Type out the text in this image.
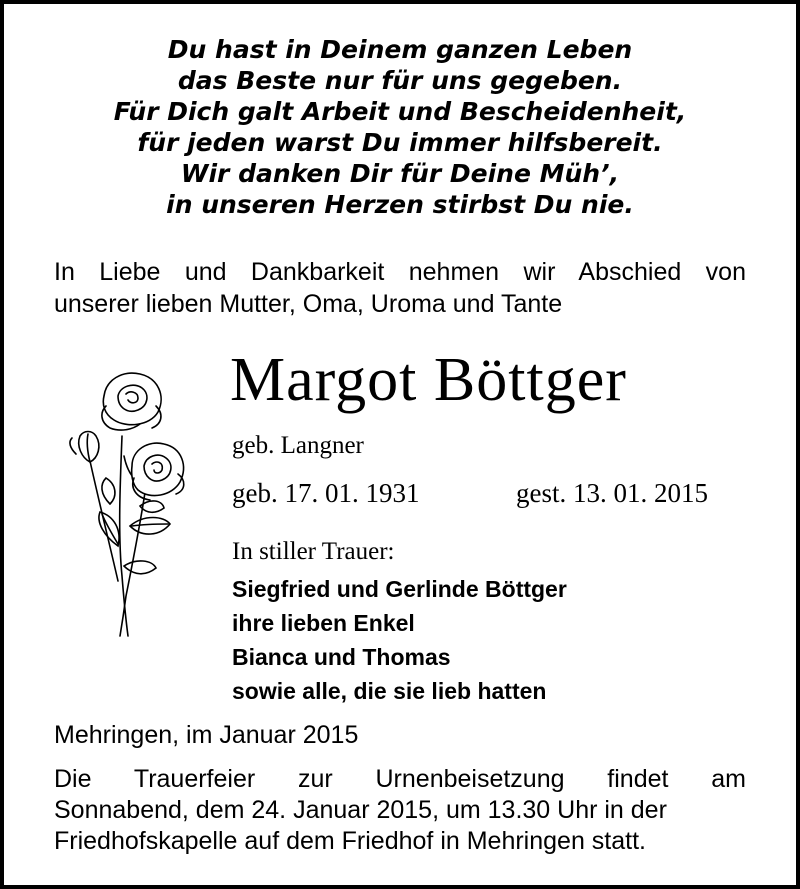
Du hast in Deinem ganzen Leben
das Beste nur für uns gegeben.
Für Dich galt Arbeit und Bescheidenheit,
für jeden warst Du immer hilfsbereit.
Wir danken Dir für Deine Müh’,
in unseren Herzen stirbst Du nie.
In Liebe und Dankbarkeit nehmen wir Abschied von
unserer lieben Mutter, Oma, Uroma und Tante
Margot Böttger
geb. Langner
geb. 17. 01. 1931	gest. 13. 01. 2015
In stiller Trauer:
Siegfried und Gerlinde Böttger
ihre lieben Enkel
Bianca und Thomas
sowie alle, die sie lieb hatten
Mehringen, im Januar 2015
Die Trauerfeier zur Urnenbeisetzung findet am
Sonnabend, dem 24. Januar 2015, um 13.30 Uhr in der
Friedhofskapelle auf dem Friedhof in Mehringen statt.
